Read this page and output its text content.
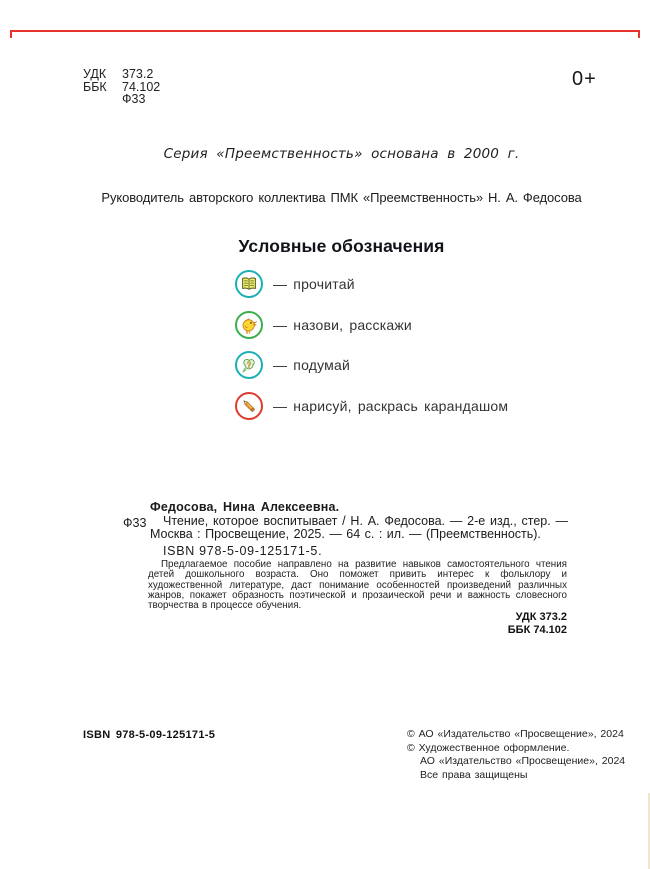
УДК	373.2
ББК	74.102
Ф33
0+
Серия «Преемственность» основана в 2000 г.
Руководитель авторского коллектива ПМК «Преемственность» Н. А. Федосова
Условные обозначения
— прочитай
— назови, расскажи
? — подумай
— нарисуй, раскрась карандашом
Федосова, Нина Алексеевна.
Ф33	Чтение, которое воспитывает / Н. А. Федосова. — 2-е изд., стер. — Москва : Просвещение, 2025. — 64 с. : ил. — (Преемственность).
ISBN 978-5-09-125171-5.
Предлагаемое пособие направлено на развитие навыков самостоятельного чтения детей дошкольного возраста. Оно поможет привить интерес к фольклору и художественной литературе, даст понимание особенностей произведений различных жанров, покажет образность поэтической и прозаической речи и важность словесного творчества в процессе обучения.
УДК 373.2
ББК 74.102
ISBN 978-5-09-125171-5	© АО «Издательство «Просвещение», 2024
© Художественное оформление.
АО «Издательство «Просвещение», 2024
Все права защищены
